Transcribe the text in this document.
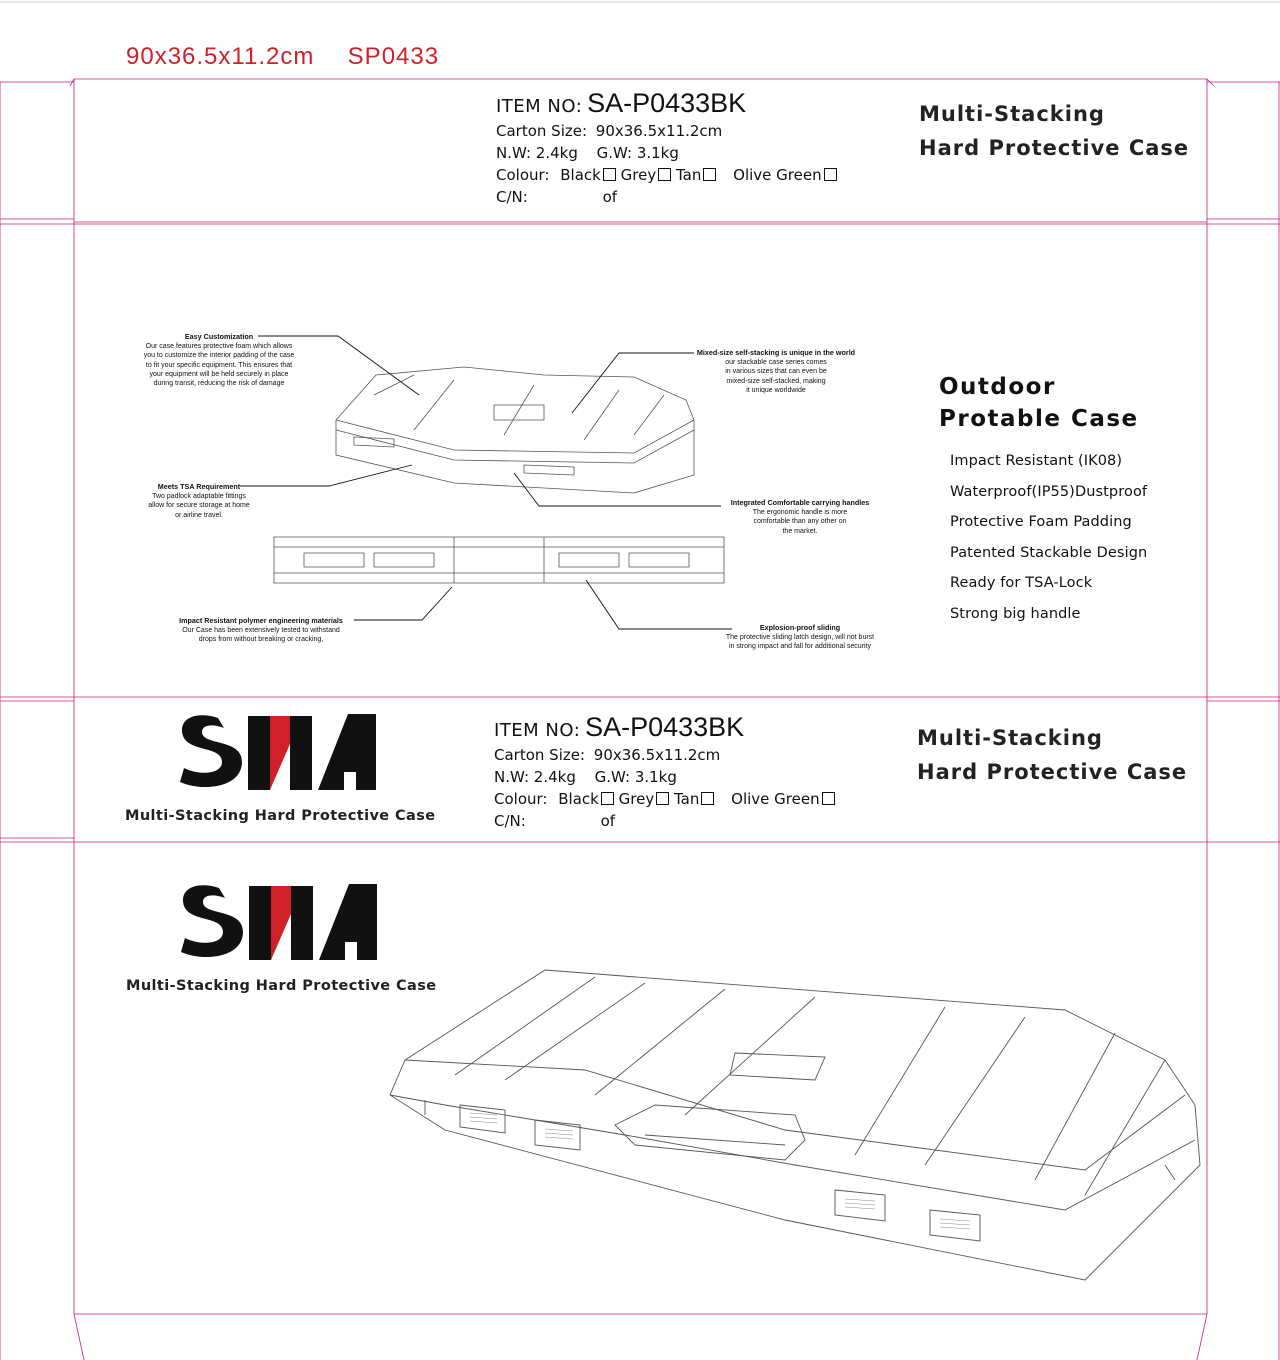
90x36.5x11.2cm SP0433
ITEM NO: SA-P0433BK
Carton Size: 90x36.5x11.2cm
N.W: 2.4kg G.W: 3.1kg
Colour: Black Grey Tan Olive Green
C/N:	of
Multi-Stacking
Hard Protective Case
Easy Customization
Our case features protective foam which allows
you to customize the interior padding of the case
to fit your specific equipment. This ensures that
your equipment will be held securely in place
during transit, reducing the risk of damage
Mixed-size self-stacking is unique in the world
our stackable case series comes
in various sizes that can even be
mixed-size self-stacked, making
it unique worldwide
Meets TSA Requirement
Two padlock adaptable fittings
allow for secure storage at home
or airline travel.
Integrated Comfortable carrying handles
The ergonomic handle is more
comfortable than any other on
the market.
Impact Resistant polymer engineering materials
Our Case has been extensively tested to withstand
drops from without breaking or cracking,
Explosion-proof sliding
The protective sliding latch design, will not burst
in strong impact and fall for additional security
Outdoor
Protable Case
Impact Resistant (IK08)
Waterproof(IP55)Dustproof
Protective Foam Padding
Patented Stackable Design
Ready for TSA-Lock
Strong big handle
Multi-Stacking Hard Protective Case
ITEM NO: SA-P0433BK
Carton Size: 90x36.5x11.2cm
N.W: 2.4kg G.W: 3.1kg
Colour: Black Grey Tan Olive Green
C/N:	of
Multi-Stacking
Hard Protective Case
Multi-Stacking Hard Protective Case
